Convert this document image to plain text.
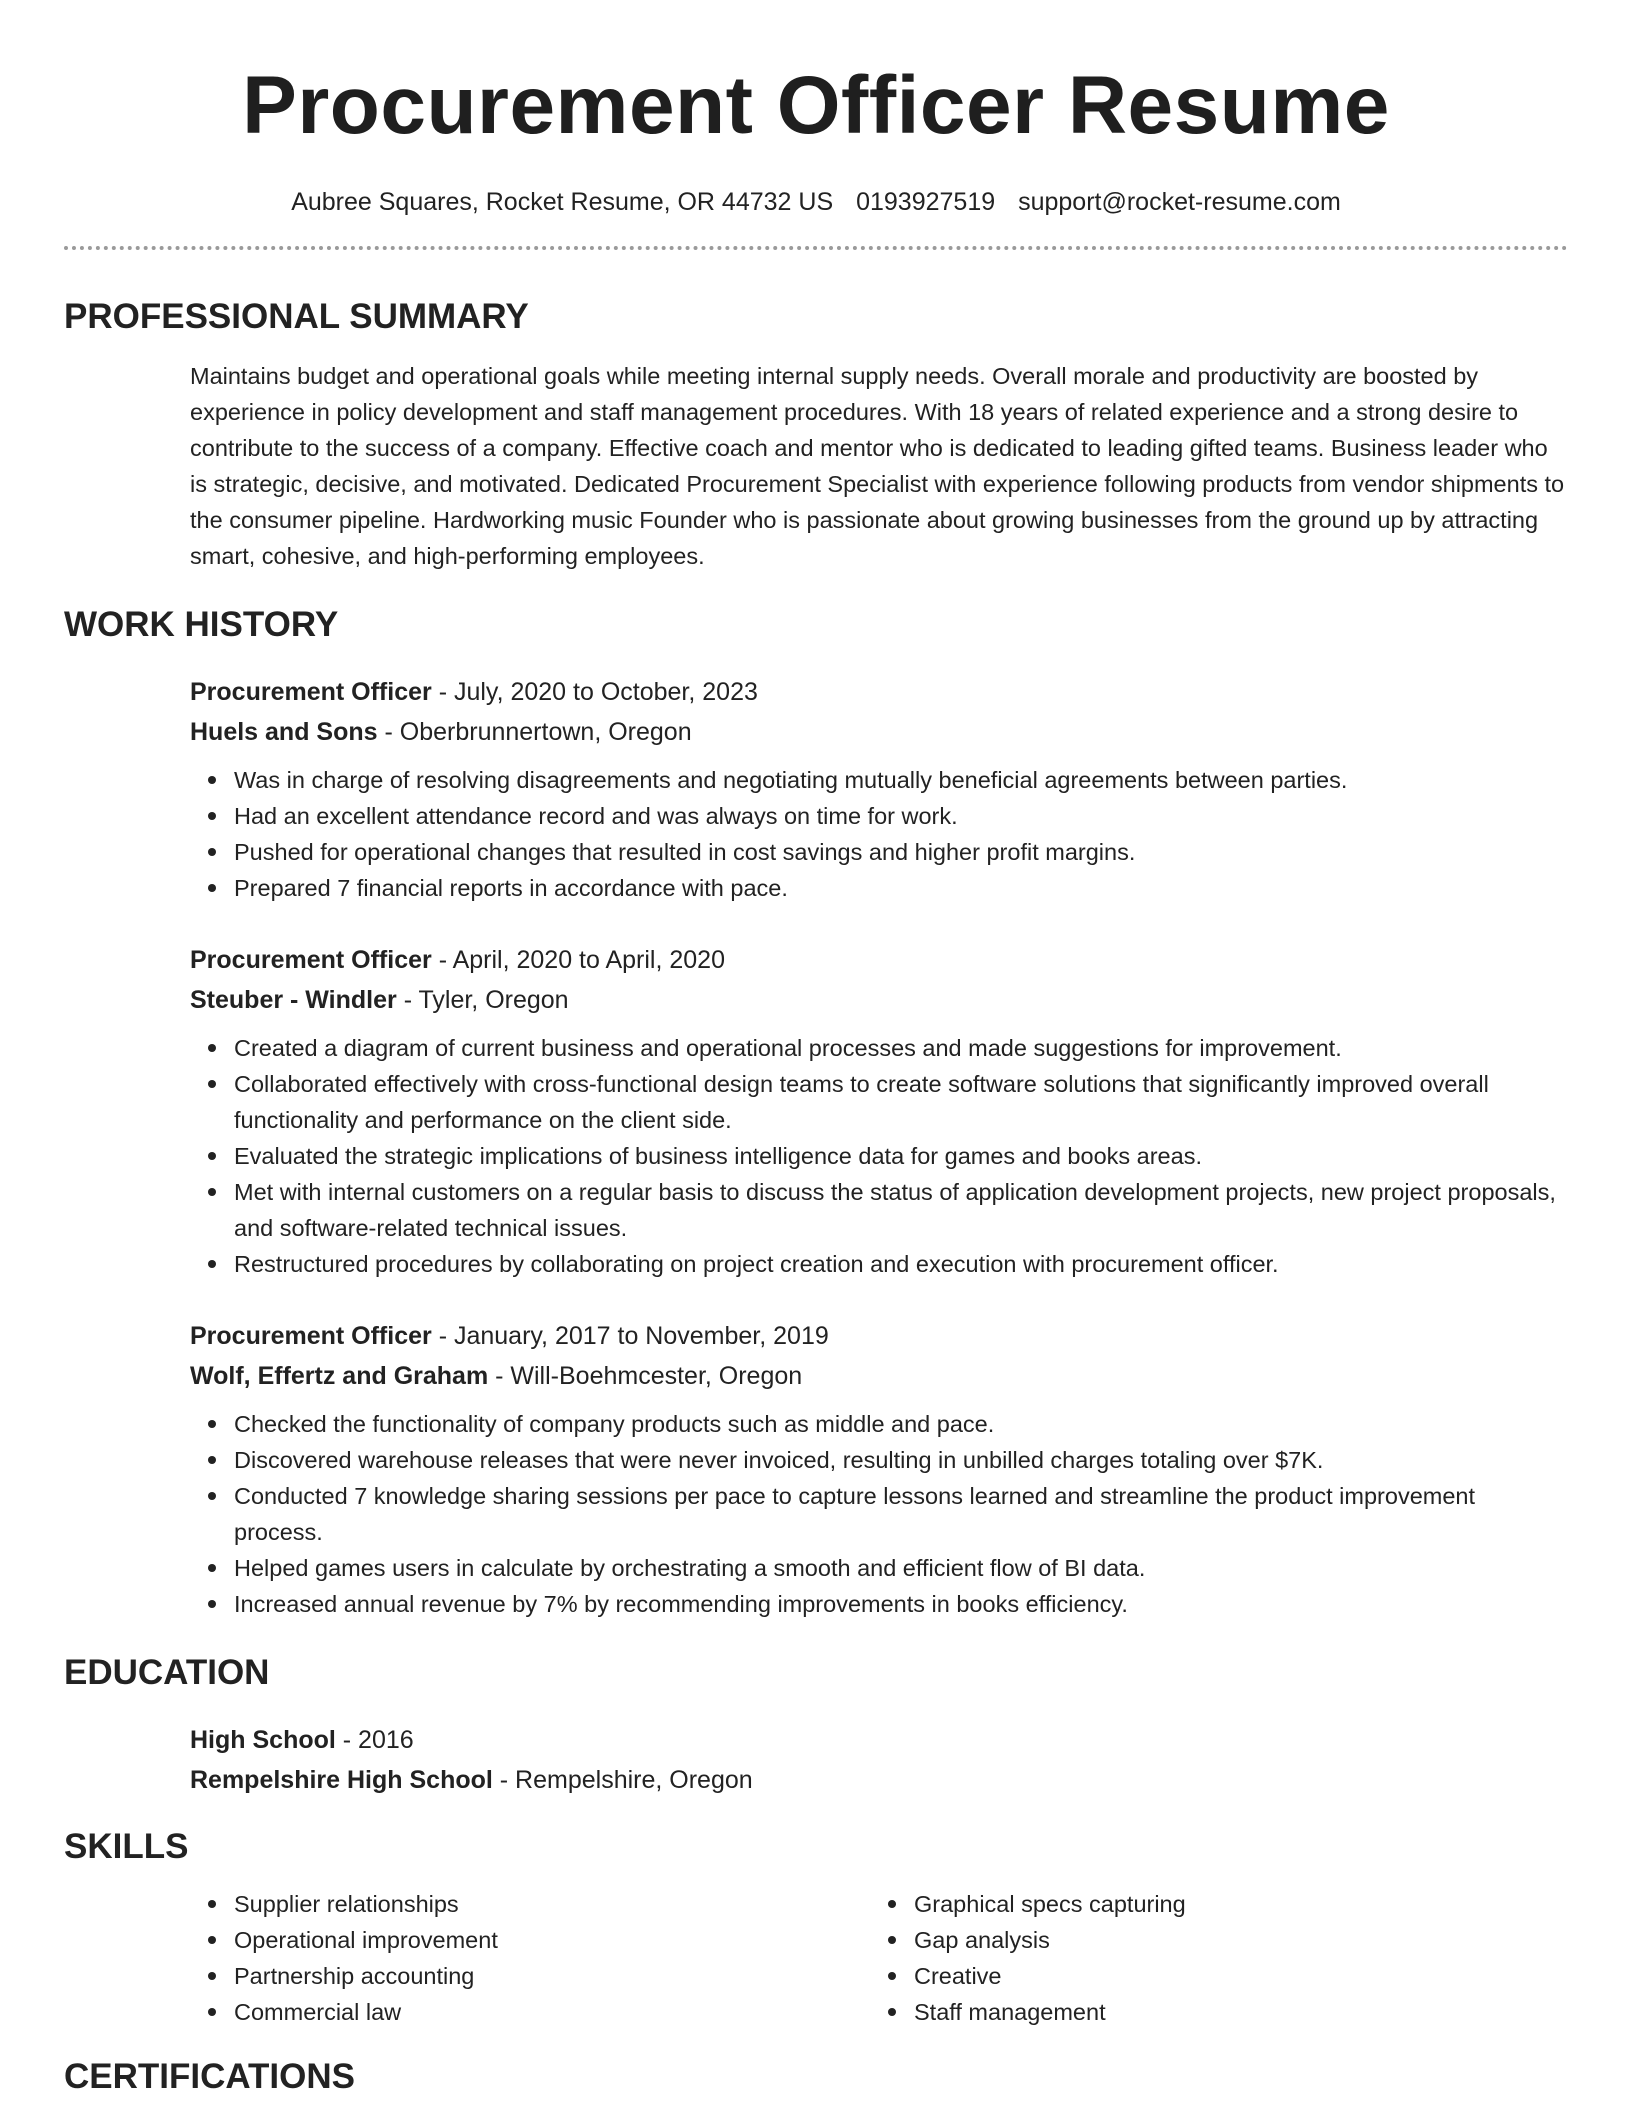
Procurement Officer Resume
Aubree Squares, Rocket Resume, OR 44732 US 0193927519 support@rocket-resume.com
PROFESSIONAL SUMMARY

Maintains budget and operational goals while meeting internal supply needs. Overall morale and productivity are boosted by experience in policy development and staff management procedures. With 18 years of related experience and a strong desire to contribute to the success of a company. Effective coach and mentor who is dedicated to leading gifted teams. Business leader who is strategic, decisive, and motivated. Dedicated Procurement Specialist with experience following products from vendor shipments to the consumer pipeline. Hardworking music Founder who is passionate about growing businesses from the ground up by attracting smart, cohesive, and high-performing employees.

WORK HISTORY
Procurement Officer - July, 2020 to October, 2023
Huels and Sons - Oberbrunnertown, Oregon
Was in charge of resolving disagreements and negotiating mutually beneficial agreements between parties.
Had an excellent attendance record and was always on time for work.
Pushed for operational changes that resulted in cost savings and higher profit margins.
Prepared 7 financial reports in accordance with pace.
Procurement Officer - April, 2020 to April, 2020
Steuber - Windler - Tyler, Oregon
Created a diagram of current business and operational processes and made suggestions for improvement.
Collaborated effectively with cross-functional design teams to create software solutions that significantly improved overall functionality and performance on the client side.
Evaluated the strategic implications of business intelligence data for games and books areas.
Met with internal customers on a regular basis to discuss the status of application development projects, new project proposals, and software-related technical issues.
Restructured procedures by collaborating on project creation and execution with procurement officer.
Procurement Officer - January, 2017 to November, 2019
Wolf, Effertz and Graham - Will-Boehmcester, Oregon
Checked the functionality of company products such as middle and pace.
Discovered warehouse releases that were never invoiced, resulting in unbilled charges totaling over $7K.
Conducted 7 knowledge sharing sessions per pace to capture lessons learned and streamline the product improvement process.
Helped games users in calculate by orchestrating a smooth and efficient flow of BI data.
Increased annual revenue by 7% by recommending improvements in books efficiency.
EDUCATION
High School - 2016
Rempelshire High School - Rempelshire, Oregon
SKILLS
Supplier relationships
Operational improvement
Partnership accounting
Commercial law
Graphical specs capturing
Gap analysis
Creative
Staff management
CERTIFICATIONS
